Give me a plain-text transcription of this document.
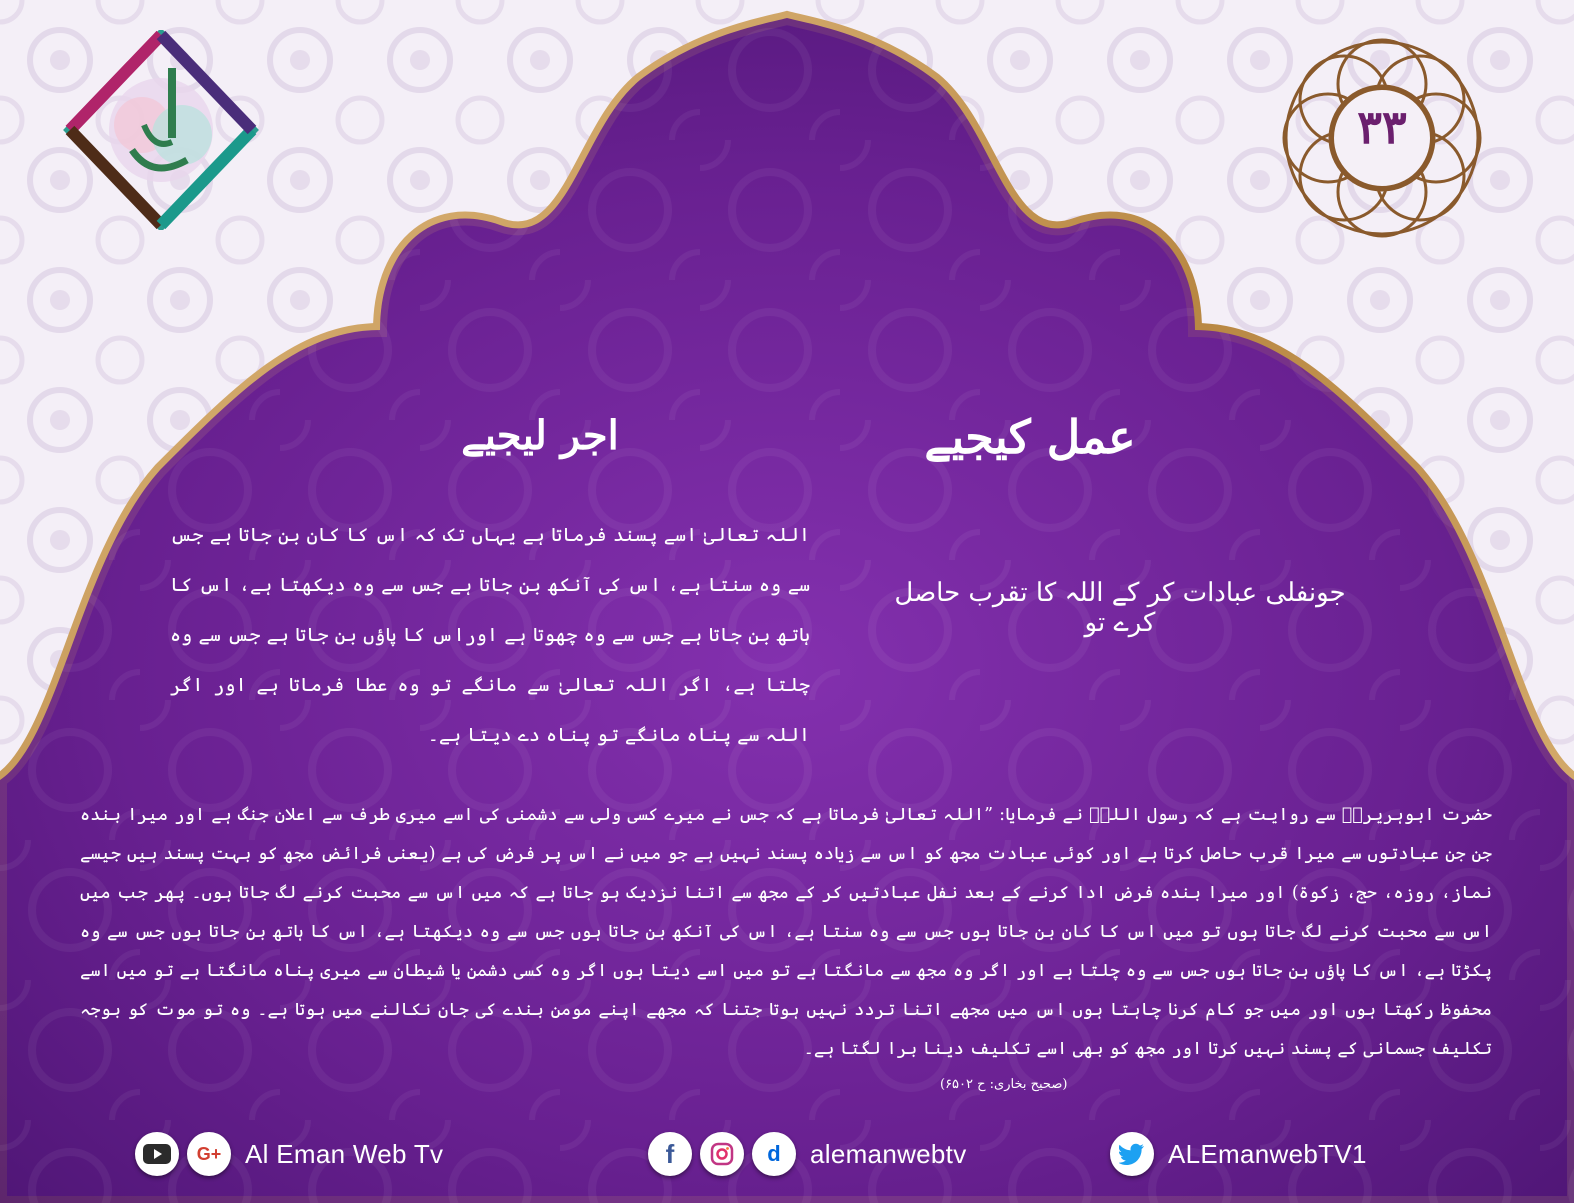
۳۳
عمل کیجیے
اجر لیجیے
جونفلی عبادات کر کے اللہ کا تقرب حاصل کرے تو
اللہ تعالیٰ اسے پسند فرماتا ہے یہاں تک کہ اس کا کان بن جاتا ہے جس سے وہ سنتا ہے، اس کی آنکھ بن جاتا ہے جس سے وہ دیکھتا ہے، اس کا ہاتھ بن جاتا ہے جس سے وہ چھوتا ہے اوراس کا پاؤں بن جاتا ہے جس سے وہ چلتا ہے، اگر اللہ تعالیٰ سے مانگے تو وہ عطا فرماتا ہے اور اگر اللہ سے پناہ مانگے تو پناہ دے دیتا ہے۔
حضرت ابوہریرہؓ سے روایت ہے کہ رسول اللہؐ نے فرمایا: ”اللہ تعالیٰ فرماتا ہے کہ جس نے میرے کسی ولی سے دشمنی کی اسے میری طرف سے اعلان جنگ ہے اور میرا بندہ جن جن عبادتوں سے میرا قرب حاصل کرتا ہے اور کوئی عبادت مجھ کو اس سے زیادہ پسند نہیں ہے جو میں نے اس پر فرض کی ہے (یعنی فرائض مجھ کو بہت پسند ہیں جیسے نماز، روزہ، حج، زکوۃ) اور میرا بندہ فرض ادا کرنے کے بعد نفل عبادتیں کر کے مجھ سے اتنا نزدیک ہو جاتا ہے کہ میں اس سے محبت کرنے لگ جاتا ہوں۔ پھر جب میں اس سے محبت کرنے لگ جاتا ہوں تو میں اس کا کان بن جاتا ہوں جس سے وہ سنتا ہے، اس کی آنکھ بن جاتا ہوں جس سے وہ دیکھتا ہے، اس کا ہاتھ بن جاتا ہوں جس سے وہ پکڑتا ہے، اس کا پاؤں بن جاتا ہوں جس سے وہ چلتا ہے اور اگر وہ مجھ سے مانگتا ہے تو میں اسے دیتا ہوں اگر وہ کسی دشمن یا شیطان سے میری پناہ مانگتا ہے تو میں اسے محفوظ رکھتا ہوں اور میں جو کام کرنا چاہتا ہوں اس میں مجھے اتنا تردد نہیں ہوتا جتنا کہ مجھے اپنے مومن بندے کی جان نکالنے میں ہوتا ہے۔ وہ تو موت کو بوجہ تکلیف جسمانی کے پسند نہیں کرتا اور مجھ کو بھی اسے تکلیف دینا برا لگتا ہے۔
(صحیح بخاری: ح ۶۵۰۲)
G+ Al Eman Web Tv	f	d	alemanwebtv	ALEmanwebTV1
